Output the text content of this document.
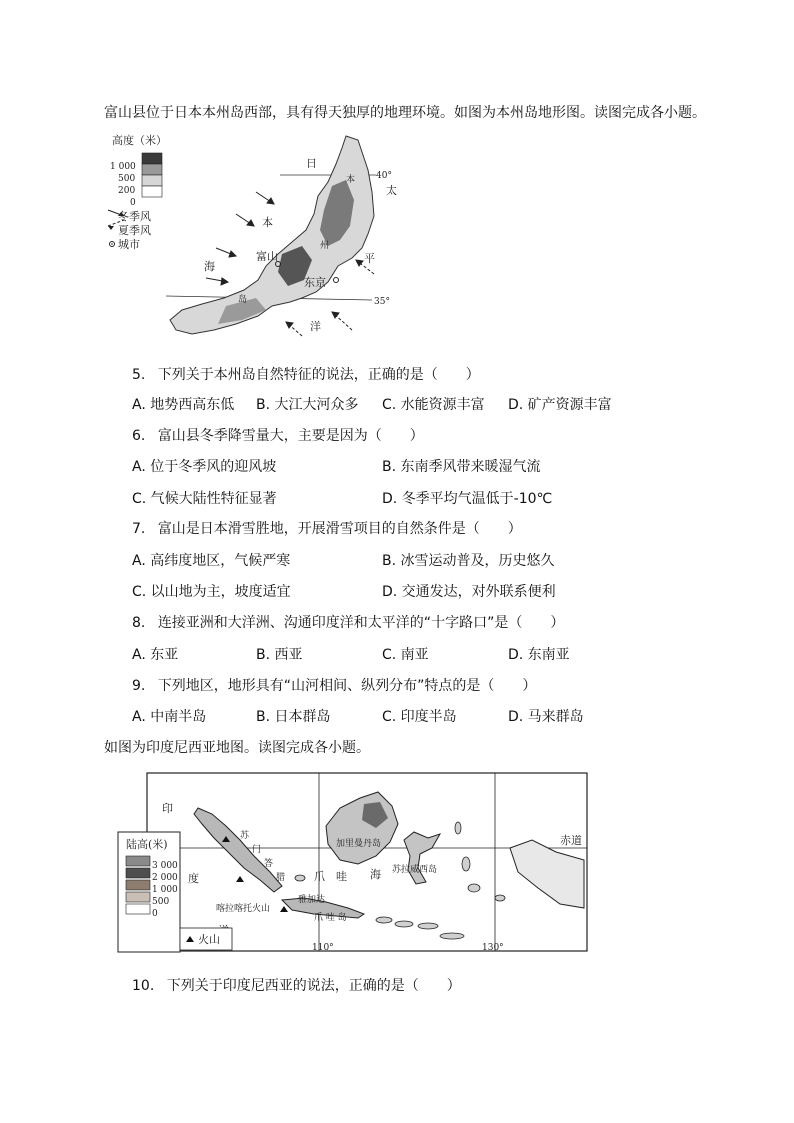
富山县位于日本本州岛西部，具有得天独厚的地理环境。如图为本州岛地形图。读图完成各小题。
高度（米）
1 000
500
200
0
冬季风
夏季风
城市
40°
35°
日
本
海
太
平
洋
本
州
岛
富山
东京
5. 下列关于本州岛自然特征的说法，正确的是（　　）
A. 地势西高东低 B. 大江大河众多 C. 水能资源丰富 D. 矿产资源丰富
6. 富山县冬季降雪量大，主要是因为（　　）
A. 位于冬季风的迎风坡	B. 东南季风带来暖湿气流
C. 气候大陆性特征显著	D. 冬季平均气温低于-10℃
7. 富山是日本滑雪胜地，开展滑雪项目的自然条件是（　　）
A. 高纬度地区，气候严寒	B. 冰雪运动普及，历史悠久
C. 以山地为主，坡度适宜	D. 交通发达，对外联系便利
8. 连接亚洲和大洋洲、沟通印度洋和太平洋的“十字路口”是（　　）
A. 东亚	B. 西亚	C. 南亚	D. 东南亚
9. 下列地区，地形具有“山河相间、纵列分布”特点的是（　　）
A. 中南半岛	B. 日本群岛	C. 印度半岛	D. 马来群岛
如图为印度尼西亚地图。读图完成各小题。
赤道
110°	130°
印
度
加里曼丹岛
苏拉威西岛
苏
门
答
腊	爪 哇 海
爪 哇 岛
雅加达
喀拉喀托火山
陆高(米)
3 000
2 000
1 000
500
0
火山
10. 下列关于印度尼西亚的说法，正确的是（　　）
